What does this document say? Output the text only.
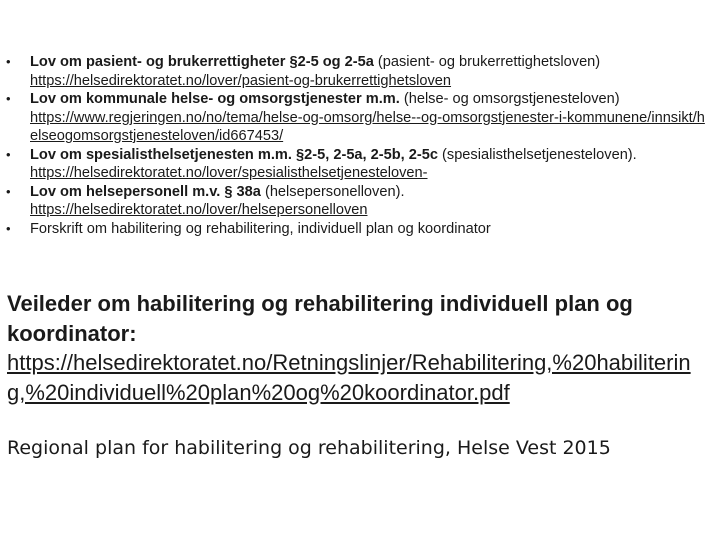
•	Lov om pasient- og brukerrettigheter §2-5 og 2-5a (pasient- og brukerrettighetsloven)
https://helsedirektoratet.no/lover/pasient-og-brukerrettighetsloven
•	Lov om kommunale helse- og omsorgstjenester m.m. (helse- og omsorgstjenesteloven)
https://www.regjeringen.no/no/tema/helse-og-omsorg/helse--og-omsorgstjenester-i-kommunene/innsikt/helseogomsorgstjenesteloven/id667453/
•	Lov om spesialisthelsetjenesten m.m. §2-5, 2-5a, 2-5b, 2-5c (spesialisthelsetjenesteloven).
https://helsedirektoratet.no/lover/spesialisthelsetjenesteloven-
•	Lov om helsepersonell m.v. § 38a (helsepersonelloven).
https://helsedirektoratet.no/lover/helsepersonelloven
•	Forskrift om habilitering og rehabilitering, individuell plan og koordinator
Veileder om habilitering og rehabilitering individuell plan og koordinator:
https://helsedirektoratet.no/Retningslinjer/Rehabilitering,%20habilitering,%20individuell%20plan%20og%20koordinator.pdf
Regional plan for habilitering og rehabilitering, Helse Vest 2015
